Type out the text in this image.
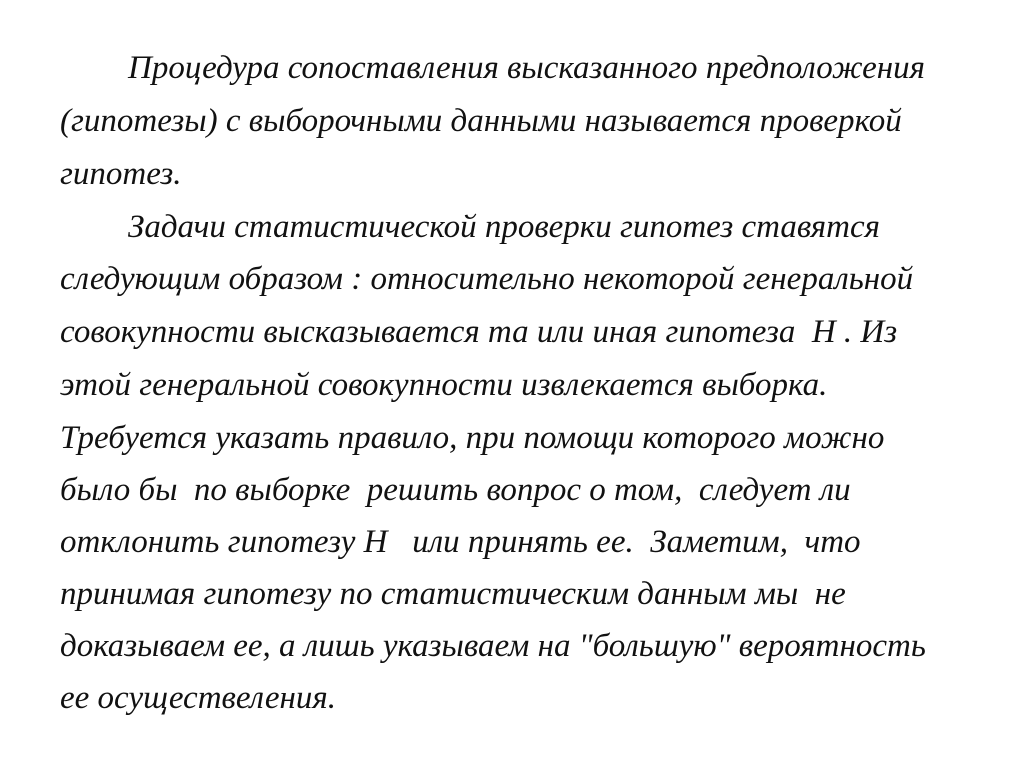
Процедура сопоставления высказанного предположения

(гипотезы) с выборочными данными называется проверкой

гипотез.

Задачи статистической проверки гипотез ставятся

следующим образом : относительно некоторой генеральной

совокупности высказывается та или иная гипотеза  Н . Из

этой генеральной совокупности извлекается выборка.

Требуется указать правило, при помощи которого можно

было бы  по выборке  решить вопрос о том,  следует ли

отклонить гипотезу Н   или принять ее.  Заметим,  что

принимая гипотезу по статистическим данным мы  не

доказываем ее, а лишь указываем на "большую" вероятность

ее осуществеления.
